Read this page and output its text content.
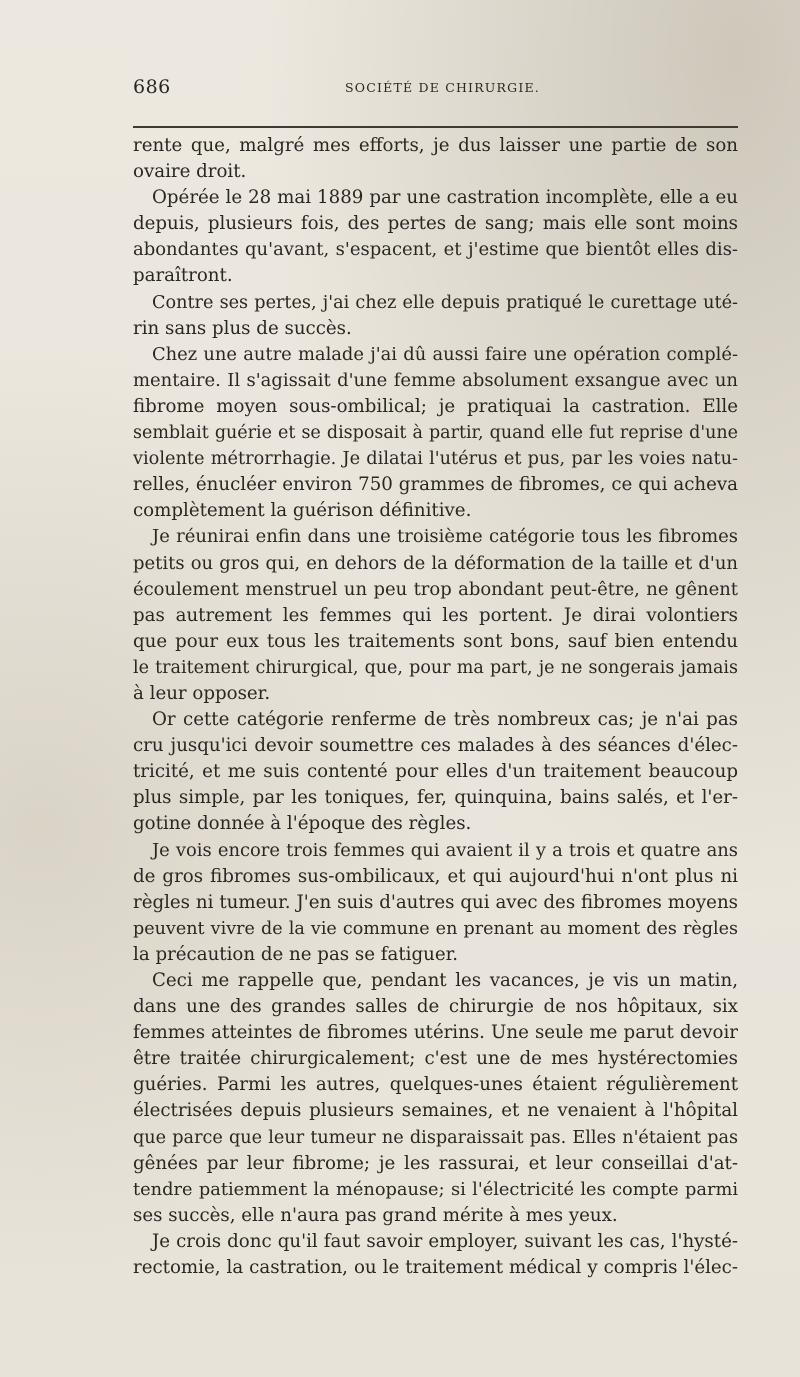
686	SOCIÉTÉ DE CHIRURGIE.
rente que, malgré mes efforts, je dus laisser une partie de son
ovaire droit.
Opérée le 28 mai 1889 par une castration incomplète, elle a eu
depuis, plusieurs fois, des pertes de sang; mais elle sont moins
abondantes qu'avant, s'espacent, et j'estime que bientôt elles dis-
paraîtront.
Contre ses pertes, j'ai chez elle depuis pratiqué le curettage uté-
rin sans plus de succès.
Chez une autre malade j'ai dû aussi faire une opération complé-
mentaire. Il s'agissait d'une femme absolument exsangue avec un
fibrome moyen sous-ombilical; je pratiquai la castration. Elle
semblait guérie et se disposait à partir, quand elle fut reprise d'une
violente métrorrhagie. Je dilatai l'utérus et pus, par les voies natu-
relles, énucléer environ 750 grammes de fibromes, ce qui acheva
complètement la guérison définitive.
Je réunirai enfin dans une troisième catégorie tous les fibromes
petits ou gros qui, en dehors de la déformation de la taille et d'un
écoulement menstruel un peu trop abondant peut-être, ne gênent
pas autrement les femmes qui les portent. Je dirai volontiers
que pour eux tous les traitements sont bons, sauf bien entendu
le traitement chirurgical, que, pour ma part, je ne songerais jamais
à leur opposer.
Or cette catégorie renferme de très nombreux cas; je n'ai pas
cru jusqu'ici devoir soumettre ces malades à des séances d'élec-
tricité, et me suis contenté pour elles d'un traitement beaucoup
plus simple, par les toniques, fer, quinquina, bains salés, et l'er-
gotine donnée à l'époque des règles.
Je vois encore trois femmes qui avaient il y a trois et quatre ans
de gros fibromes sus-ombilicaux, et qui aujourd'hui n'ont plus ni
règles ni tumeur. J'en suis d'autres qui avec des fibromes moyens
peuvent vivre de la vie commune en prenant au moment des règles
la précaution de ne pas se fatiguer.
Ceci me rappelle que, pendant les vacances, je vis un matin,
dans une des grandes salles de chirurgie de nos hôpitaux, six
femmes atteintes de fibromes utérins. Une seule me parut devoir
être traitée chirurgicalement; c'est une de mes hystérectomies
guéries. Parmi les autres, quelques-unes étaient régulièrement
électrisées depuis plusieurs semaines, et ne venaient à l'hôpital
que parce que leur tumeur ne disparaissait pas. Elles n'étaient pas
gênées par leur fibrome; je les rassurai, et leur conseillai d'at-
tendre patiemment la ménopause; si l'électricité les compte parmi
ses succès, elle n'aura pas grand mérite à mes yeux.
Je crois donc qu'il faut savoir employer, suivant les cas, l'hysté-
rectomie, la castration, ou le traitement médical y compris l'élec-
